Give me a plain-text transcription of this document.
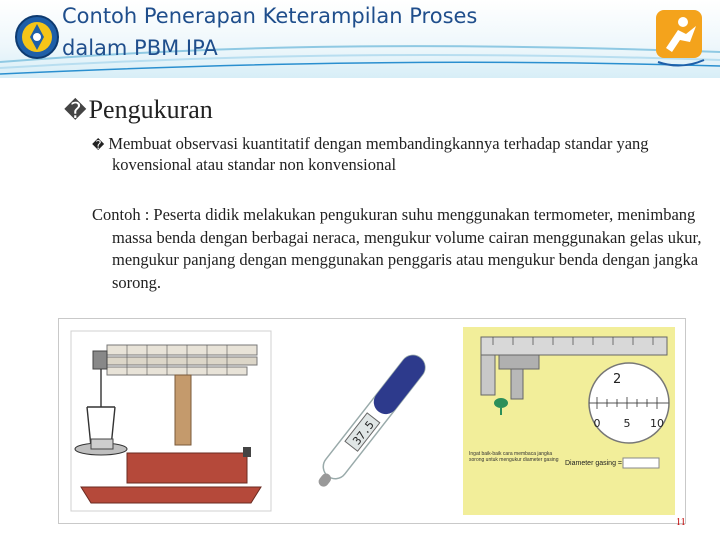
Contoh Penerapan Keterampilan Proses
dalam PBM IPA
�Pengukuran
� Membuat observasi kuantitatif dengan membandingkannya terhadap standar yang kovensional atau standar non konvensional
Contoh : Peserta didik melakukan pengukuran suhu menggunakan termometer, menimbang massa benda dengan berbagai neraca, mengukur volume cairan menggunakan gelas ukur, mengukur panjang dengan menggunakan penggaris atau mengukur benda dengan jangka sorong.
37.5
2
0 5 10
Ingat baik-baik cara membaca jangka sorong untuk mengukur diameter gasing Diameter gasing =
11
